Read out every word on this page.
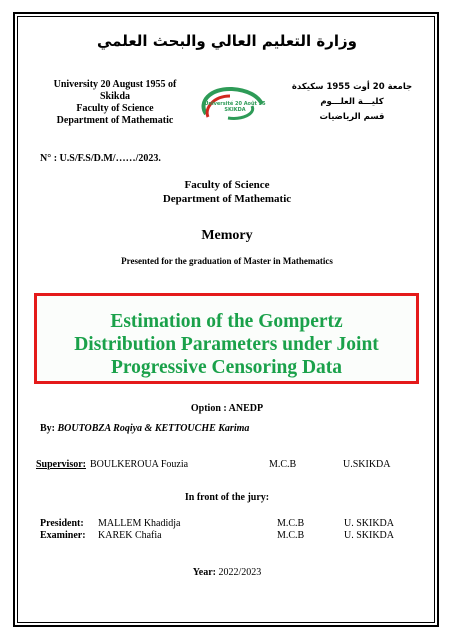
وزارة التعليم العالي والبحث العلمي
University 20 August 1955 of
Skikda
Faculty of Science
Department of Mathematic
Université 20 Août 55
SKIKDA
جامعة 20 أوت 1955 سكيكدة
كليـــة العلـــوم
قسم الرياضيات
N° : U.S/F.S/D.M/……/2023.
Faculty of Science
Department of Mathematic
Memory
Presented for the graduation of Master in Mathematics
Estimation of the Gompertz
Distribution Parameters under Joint
Progressive Censoring Data
Option : ANEDP
By: BOUTOBZA Roqiya & KETTOUCHE Karima
Supervisor: BOULKEROUA Fouzia	M.C.B	U.SKIKDA
In front of the jury:
President: MALLEM Khadidja	M.C.B	U. SKIKDA
Examiner: KAREK Chafia	M.C.B	U. SKIKDA
Year: 2022/2023
